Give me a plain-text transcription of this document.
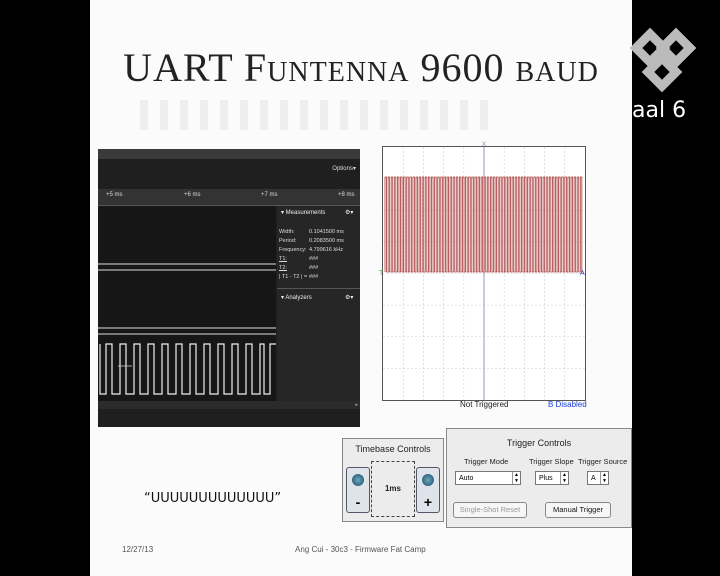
UART Funtenna 9600 baud
aal 6
Options▾
+5 ms	+6 ms	+7 ms	+8 ms
▾ Measurements	⚙▾
Width:	0.1041500 ms
Period: 0.2083500 ms
Frequency: 4.799616 kHz
T1:	###
T2:	###
| T1 - T2 | = ###
▾ Analyzers	⚙▾
▸
T	A
X
Not Triggered	B Disabled
Timebase Controls
-
1ms
+
Trigger Controls
Trigger Mode	Trigger Slope Trigger Source
Auto	▲
▼	Plus	▲
▼	A	▲
▼
Single-Shot Reset	Manual Trigger
“UUUUUUUUUUUUU”
12/27/13	Ang Cui - 30c3 - Firmware Fat Camp
